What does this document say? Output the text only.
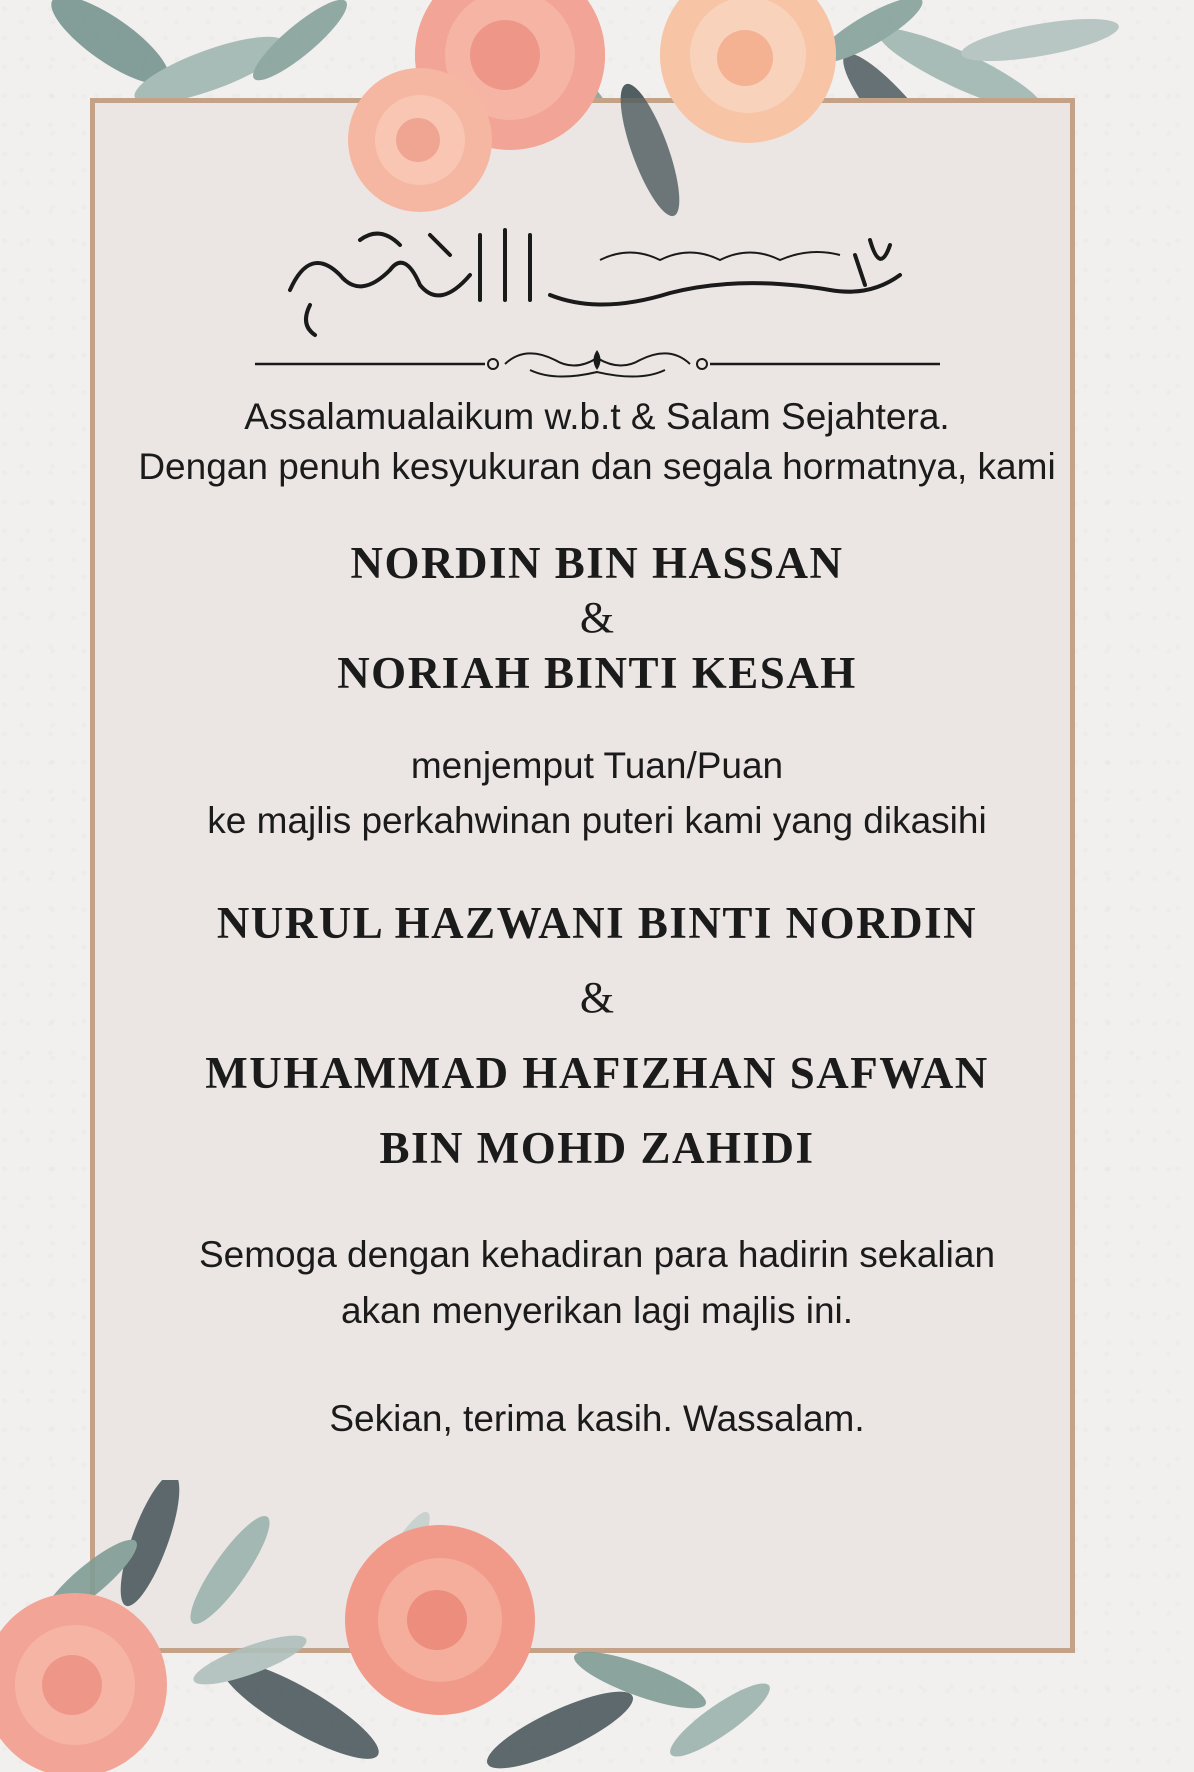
Assalamualaikum w.b.t & Salam Sejahtera.
Dengan penuh kesyukuran dan segala hormatnya, kami
NORDIN BIN HASSAN
&
NORIAH BINTI KESAH
menjemput Tuan/Puan
ke majlis perkahwinan puteri kami yang dikasihi
NURUL HAZWANI BINTI NORDIN
&
MUHAMMAD HAFIZHAN SAFWAN
BIN MOHD ZAHIDI
Semoga dengan kehadiran para hadirin sekalian
akan menyerikan lagi majlis ini.
Sekian, terima kasih. Wassalam.
